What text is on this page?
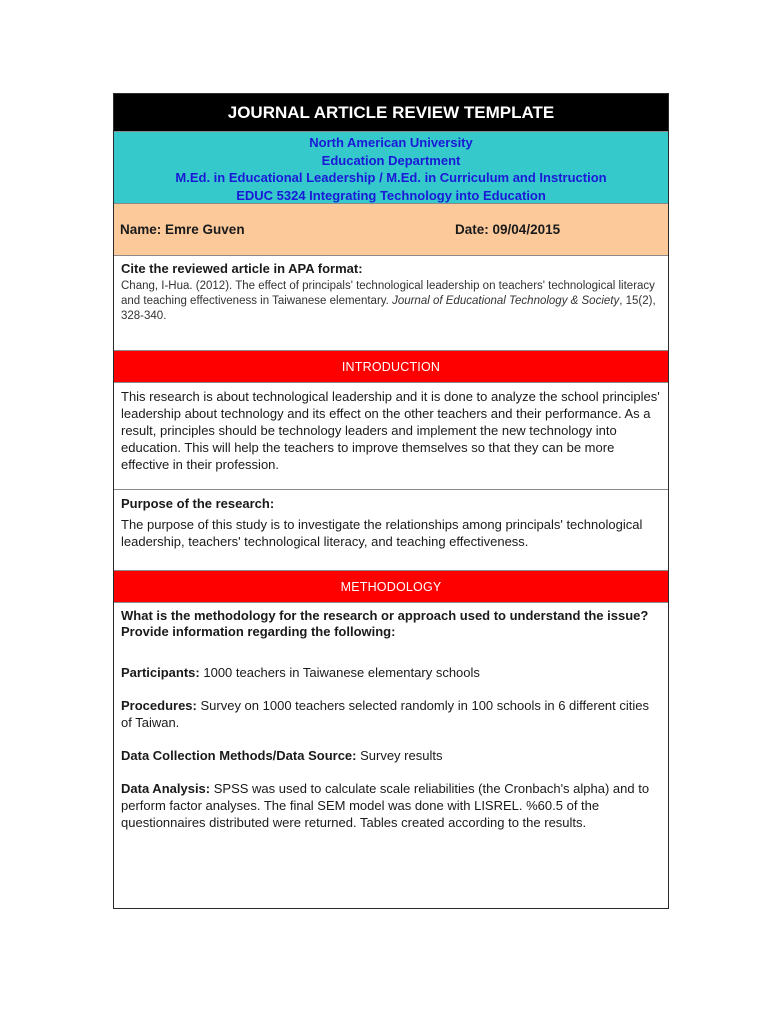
JOURNAL ARTICLE REVIEW TEMPLATE
North American University
Education Department
M.Ed. in Educational Leadership / M.Ed. in Curriculum and Instruction
EDUC 5324 Integrating Technology into Education
Name: Emre Guven	Date: 09/04/2015
Cite the reviewed article in APA format:
Chang, I-Hua. (2012). The effect of principals' technological leadership on teachers' technological literacy and teaching effectiveness in Taiwanese elementary. Journal of Educational Technology & Society, 15(2), 328-340.
INTRODUCTION
This research is about technological leadership and it is done to analyze the school principles' leadership about technology and its effect on the other teachers and their performance. As a result, principles should be technology leaders and implement the new technology into education. This will help the teachers to improve themselves so that they can be more effective in their profession.
Purpose of the research:
The purpose of this study is to investigate the relationships among principals' technological leadership, teachers' technological literacy, and teaching effectiveness.
METHODOLOGY
What is the methodology for the research or approach used to understand the issue? Provide information regarding the following:

Participants: 1000 teachers in Taiwanese elementary schools

Procedures: Survey on 1000 teachers selected randomly in 100 schools in 6 different cities of Taiwan.

Data Collection Methods/Data Source: Survey results

Data Analysis: SPSS was used to calculate scale reliabilities (the Cronbach's alpha) and to perform factor analyses. The final SEM model was done with LISREL. %60.5 of the questionnaires distributed were returned. Tables created according to the results.
